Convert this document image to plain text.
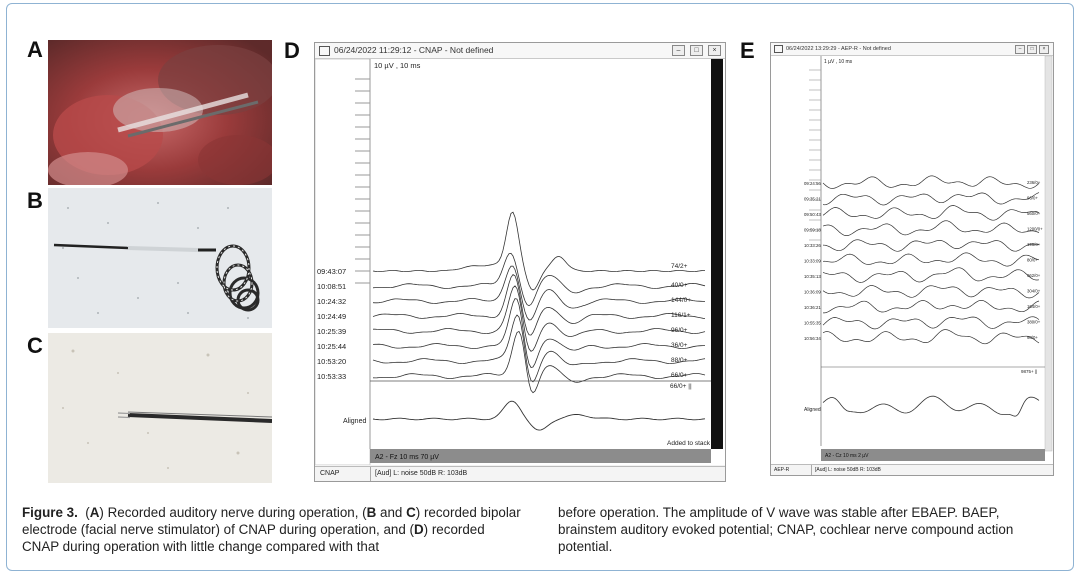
A
B
C
D	E
06/24/2022 11:29:12 - CNAP - Not defined	–	□	×
10 µV , 10 ms
09:43:07
10:08:51
10:24:32
10:24:49
10:25:39
10:25:44
10:53:20
10:53:33
74/2+
40/0+
144/0+
116/1+
96/0+
36/0+
88/0+
66/0+
66/0+ ||
Aligned
Added to stack
A2 - Fz 10 ms 70 µV
CNAP	[Aud] L: noise 50dB R: 103dB
06/24/2022 13:29:29 - AEP-R - Not defined	–	□	×
1 µV , 10 ms
09:24:56
09:35:21
09:50:43
09:59:18
10:33:26
10:33:09
10:35:13
10:36:09
10:36:21
10:55:35
10:56:34
236/0+
96/0+
560/0+
1200/0+
196/0+
80/0+
962/0+
304/0+
164/0+
380/0+
98/0+
9875+ ||
Aligned
A2 - Cz 10 ms 2 µV
AEP-R	[Aud] L: noise 50dB R: 103dB
Figure 3. (A) Recorded auditory nerve during operation, (B and C) recorded bipolar electrode (facial nerve stimulator) of CNAP during operation, and (D) recorded CNAP during operation with little change compared with that
before operation. The amplitude of V wave was stable after EBAEP. BAEP, brainstem auditory evoked potential; CNAP, cochlear nerve compound action potential.
